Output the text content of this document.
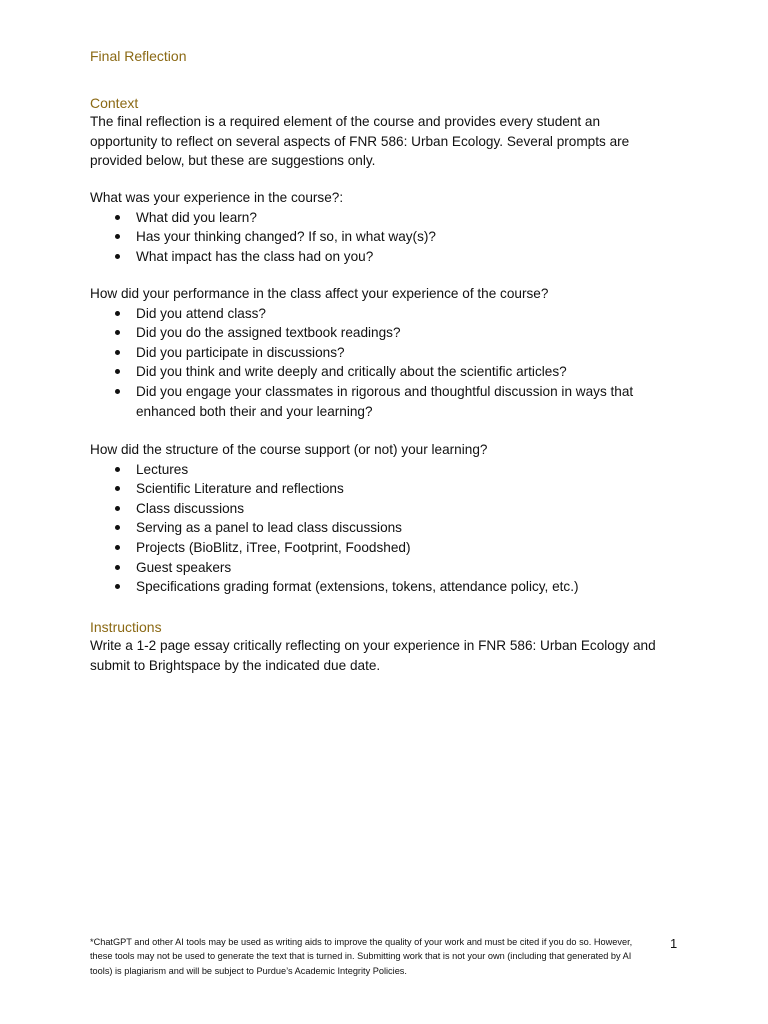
Final Reflection
Context
The final reflection is a required element of the course and provides every student an opportunity to reflect on several aspects of FNR 586: Urban Ecology. Several prompts are provided below, but these are suggestions only.

What was your experience in the course?:

What did you learn?
Has your thinking changed? If so, in what way(s)?
What impact has the class had on you?

How did your performance in the class affect your experience of the course?

Did you attend class?
Did you do the assigned textbook readings?
Did you participate in discussions?
Did you think and write deeply and critically about the scientific articles?
Did you engage your classmates in rigorous and thoughtful discussion in ways that enhanced both their and your learning?

How did the structure of the course support (or not) your learning?

Lectures
Scientific Literature and reflections
Class discussions
Serving as a panel to lead class discussions
Projects (BioBlitz, iTree, Footprint, Foodshed)
Guest speakers
Specifications grading format (extensions, tokens, attendance policy, etc.)
Instructions
Write a 1-2 page essay critically reflecting on your experience in FNR 586: Urban Ecology and submit to Brightspace by the indicated due date.
*ChatGPT and other AI tools may be used as writing aids to improve the quality of your work and must be cited if you do so. However, these tools may not be used to generate the text that is turned in. Submitting work that is not your own (including that generated by AI tools) is plagiarism and will be subject to Purdue’s Academic Integrity Policies.
1
